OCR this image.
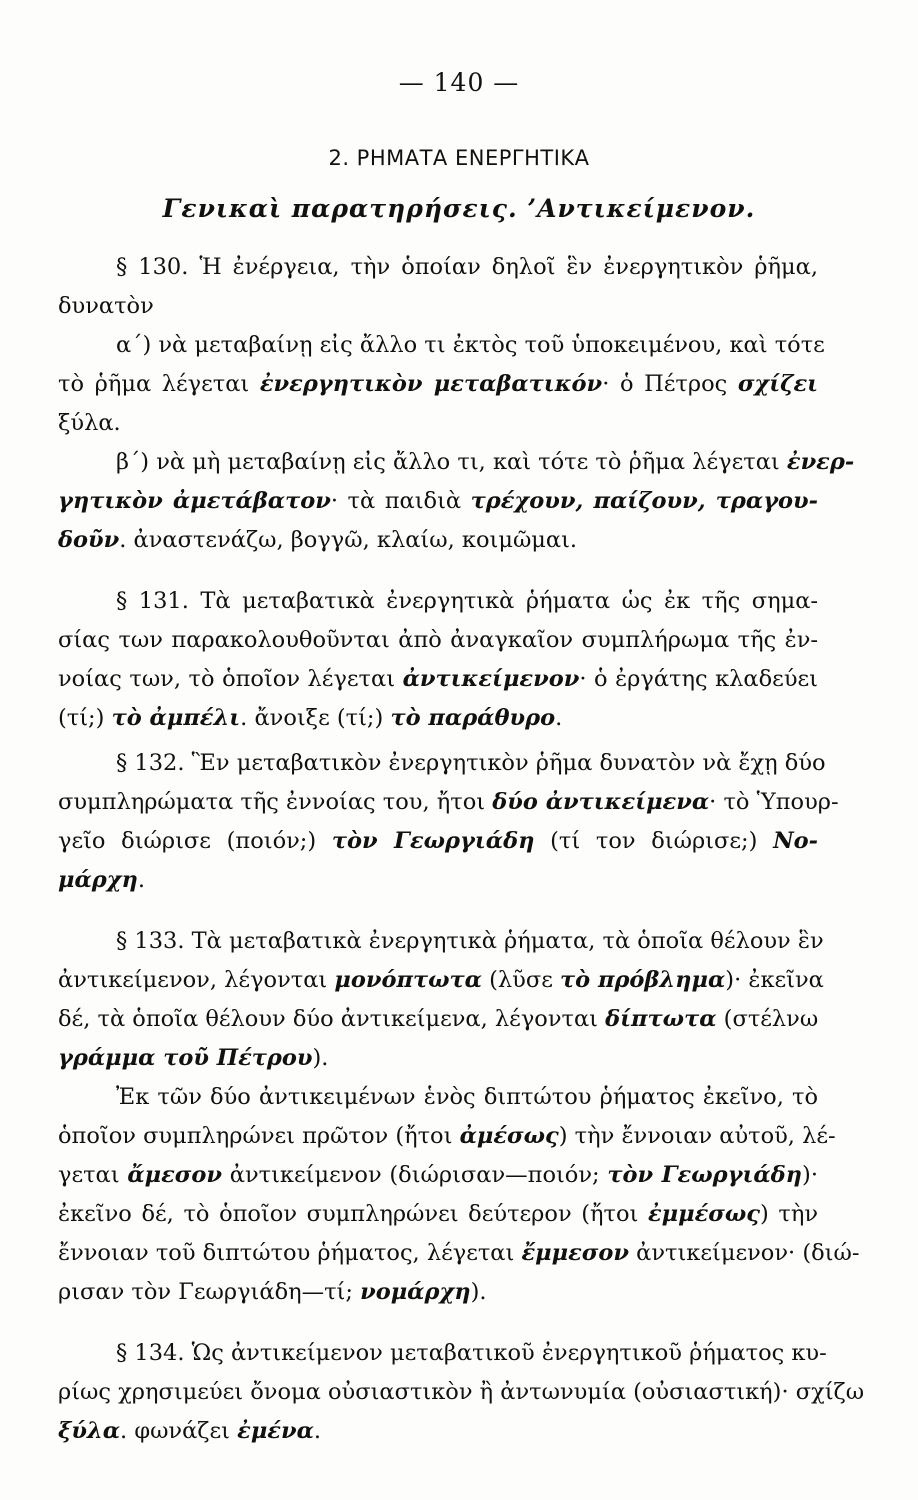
— 140 —
2. ΡΗΜΑΤΑ ΕΝΕΡΓΗΤΙΚΑ
Γενικαὶ παρατηρήσεις. ’Αντικείμενον.
§ 130. Ἡ ἐνέργεια, τὴν ὁποίαν δηλοῖ ἓν ἐνεργητικὸν ῥῆμα,
δυνατὸν
α΄) νὰ μεταβαίνῃ εἰς ἄλλο τι ἐκτὸς τοῦ ὑποκειμένου, καὶ τότε
τὸ ῥῆμα λέγεται ἐνεργητικὸν μεταβατικόν· ὁ Πέτρος σχίζει
ξύλα.
β΄) νὰ μὴ μεταβαίνῃ εἰς ἄλλο τι, καὶ τότε τὸ ῥῆμα λέγεται ἐνερ-
γητικὸν ἀμετάβατον· τὰ παιδιὰ τρέχουν, παίζουν, τραγου-
δοῦν. ἀναστενάζω, βογγῶ, κλαίω, κοιμῶμαι.
§ 131. Τὰ μεταβατικὰ ἐνεργητικὰ ῥήματα ὡς ἐκ τῆς σημα-
σίας των παρακολουθοῦνται ἀπὸ ἀναγκαῖον συμπλήρωμα τῆς ἐν-
νοίας των, τὸ ὁποῖον λέγεται ἀντικείμενον· ὁ ἐργάτης κλαδεύει
(τί;) τὸ ἀμπέλι. ἄνοιξε (τί;) τὸ παράθυρο.
§ 132. Ἓν μεταβατικὸν ἐνεργητικὸν ῥῆμα δυνατὸν νὰ ἔχῃ δύο
συμπληρώματα τῆς ἐννοίας του, ἤτοι δύο ἀντικείμενα· τὸ Ὑπουρ-
γεῖο διώρισε (ποιόν;) τὸν Γεωργιάδη (τί τον διώρισε;) Νο-
μάρχη.
§ 133. Τὰ μεταβατικὰ ἐνεργητικὰ ῥήματα, τὰ ὁποῖα θέλουν ἓν
ἀντικείμενον, λέγονται μονόπτωτα (λῦσε τὸ πρόβλημα)· ἐκεῖνα
δέ, τὰ ὁποῖα θέλουν δύο ἀντικείμενα, λέγονται δίπτωτα (στέλνω
γράμμα τοῦ Πέτρου).
Ἐκ τῶν δύο ἀντικειμένων ἑνὸς διπτώτου ῥήματος ἐκεῖνο, τὸ
ὁποῖον συμπληρώνει πρῶτον (ἤτοι ἀμέσως) τὴν ἔννοιαν αὐτοῦ, λέ-
γεται ἄμεσον ἀντικείμενον (διώρισαν—ποιόν; τὸν Γεωργιάδη)·
ἐκεῖνο δέ, τὸ ὁποῖον συμπληρώνει δεύτερον (ἤτοι ἐμμέσως) τὴν
ἔννοιαν τοῦ διπτώτου ῥήματος, λέγεται ἔμμεσον ἀντικείμενον· (διώ-
ρισαν τὸν Γεωργιάδη—τί; νομάρχη).
§ 134. Ὡς ἀντικείμενον μεταβατικοῦ ἐνεργητικοῦ ῥήματος κυ-
ρίως χρησιμεύει ὄνομα οὐσιαστικὸν ἢ ἀντωνυμία (οὐσιαστική)· σχίζω
ξύλα. φωνάζει ἐμένα.
